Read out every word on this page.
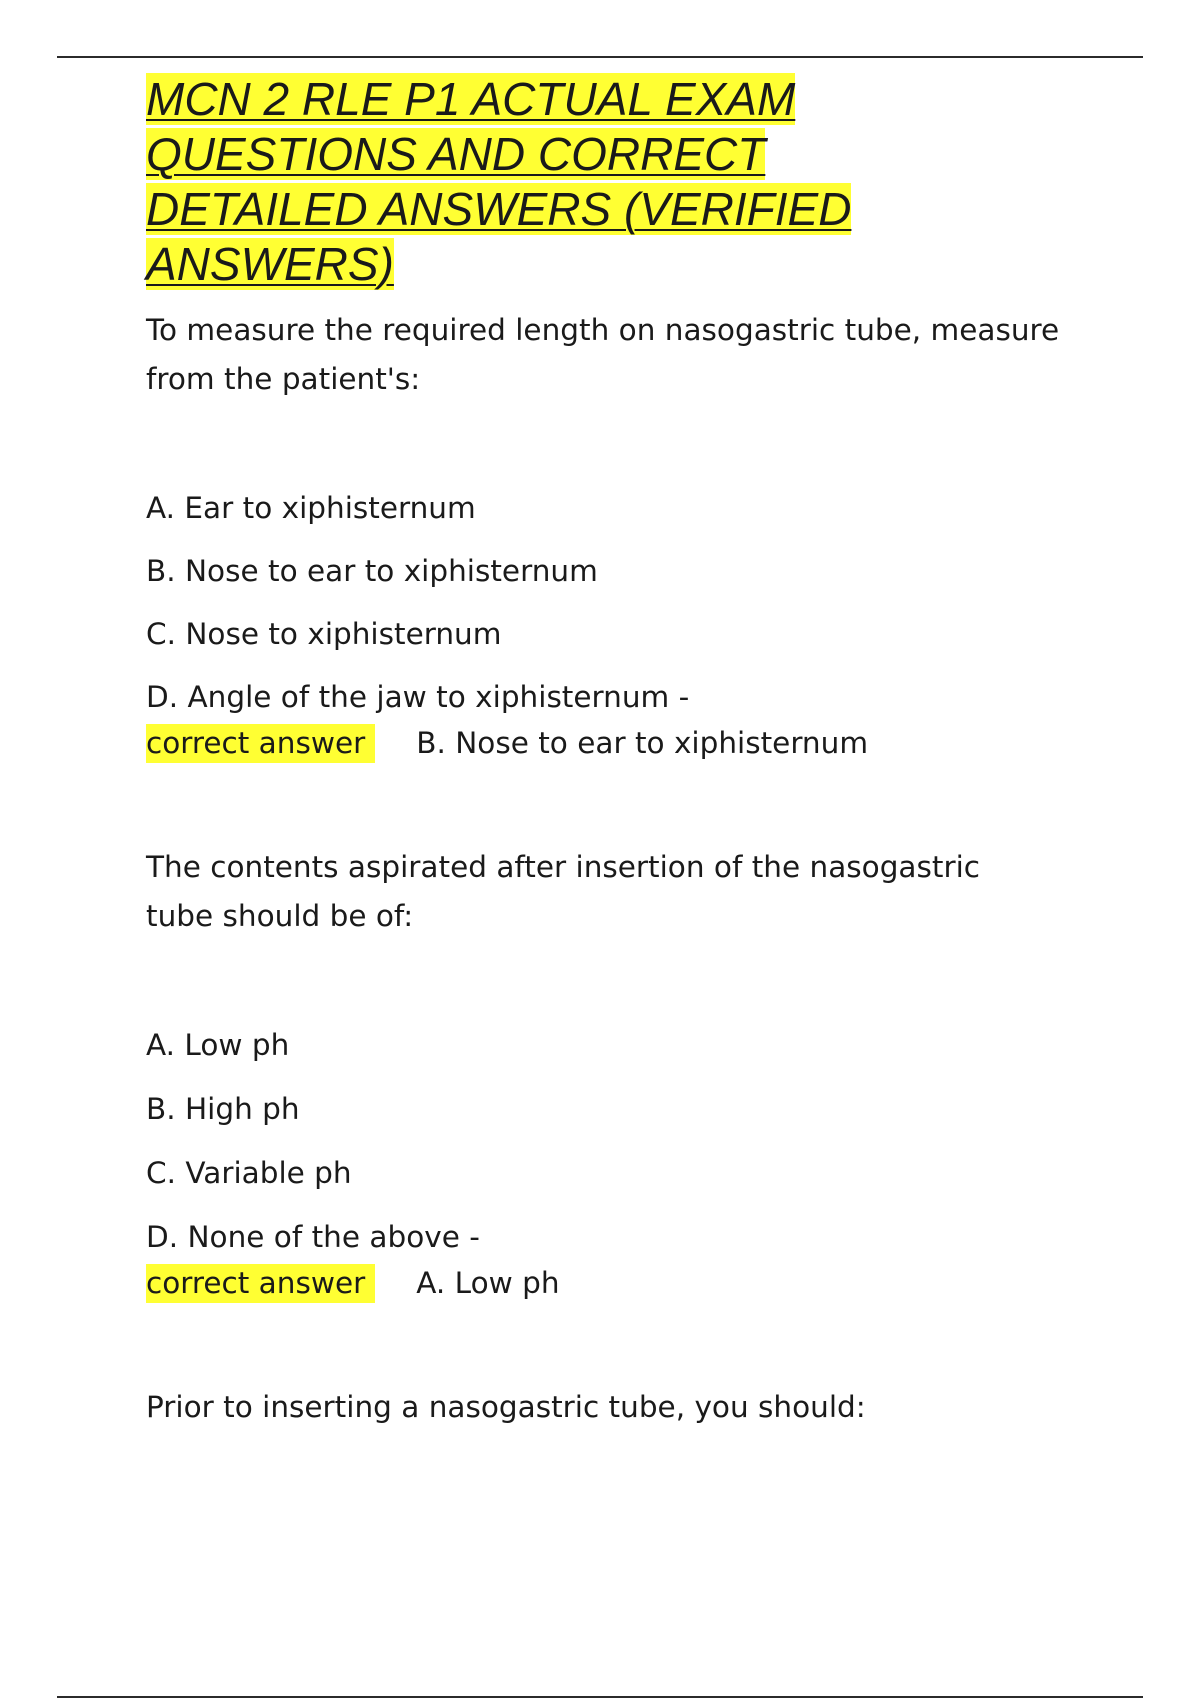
MCN 2 RLE P1 ACTUAL EXAM
QUESTIONS AND CORRECT
DETAILED ANSWERS (VERIFIED
ANSWERS)

To measure the required length on nasogastric tube, measure from the patient's:

A. Ear to xiphisternum
B. Nose to ear to xiphisternum
C. Nose to xiphisternum
D. Angle of the jaw to xiphisternum -
correct answer	B. Nose to ear to xiphisternum

The contents aspirated after insertion of the nasogastric tube should be of:

A. Low ph
B. High ph
C. Variable ph
D. None of the above -
correct answer	A. Low ph

Prior to inserting a nasogastric tube, you should:
